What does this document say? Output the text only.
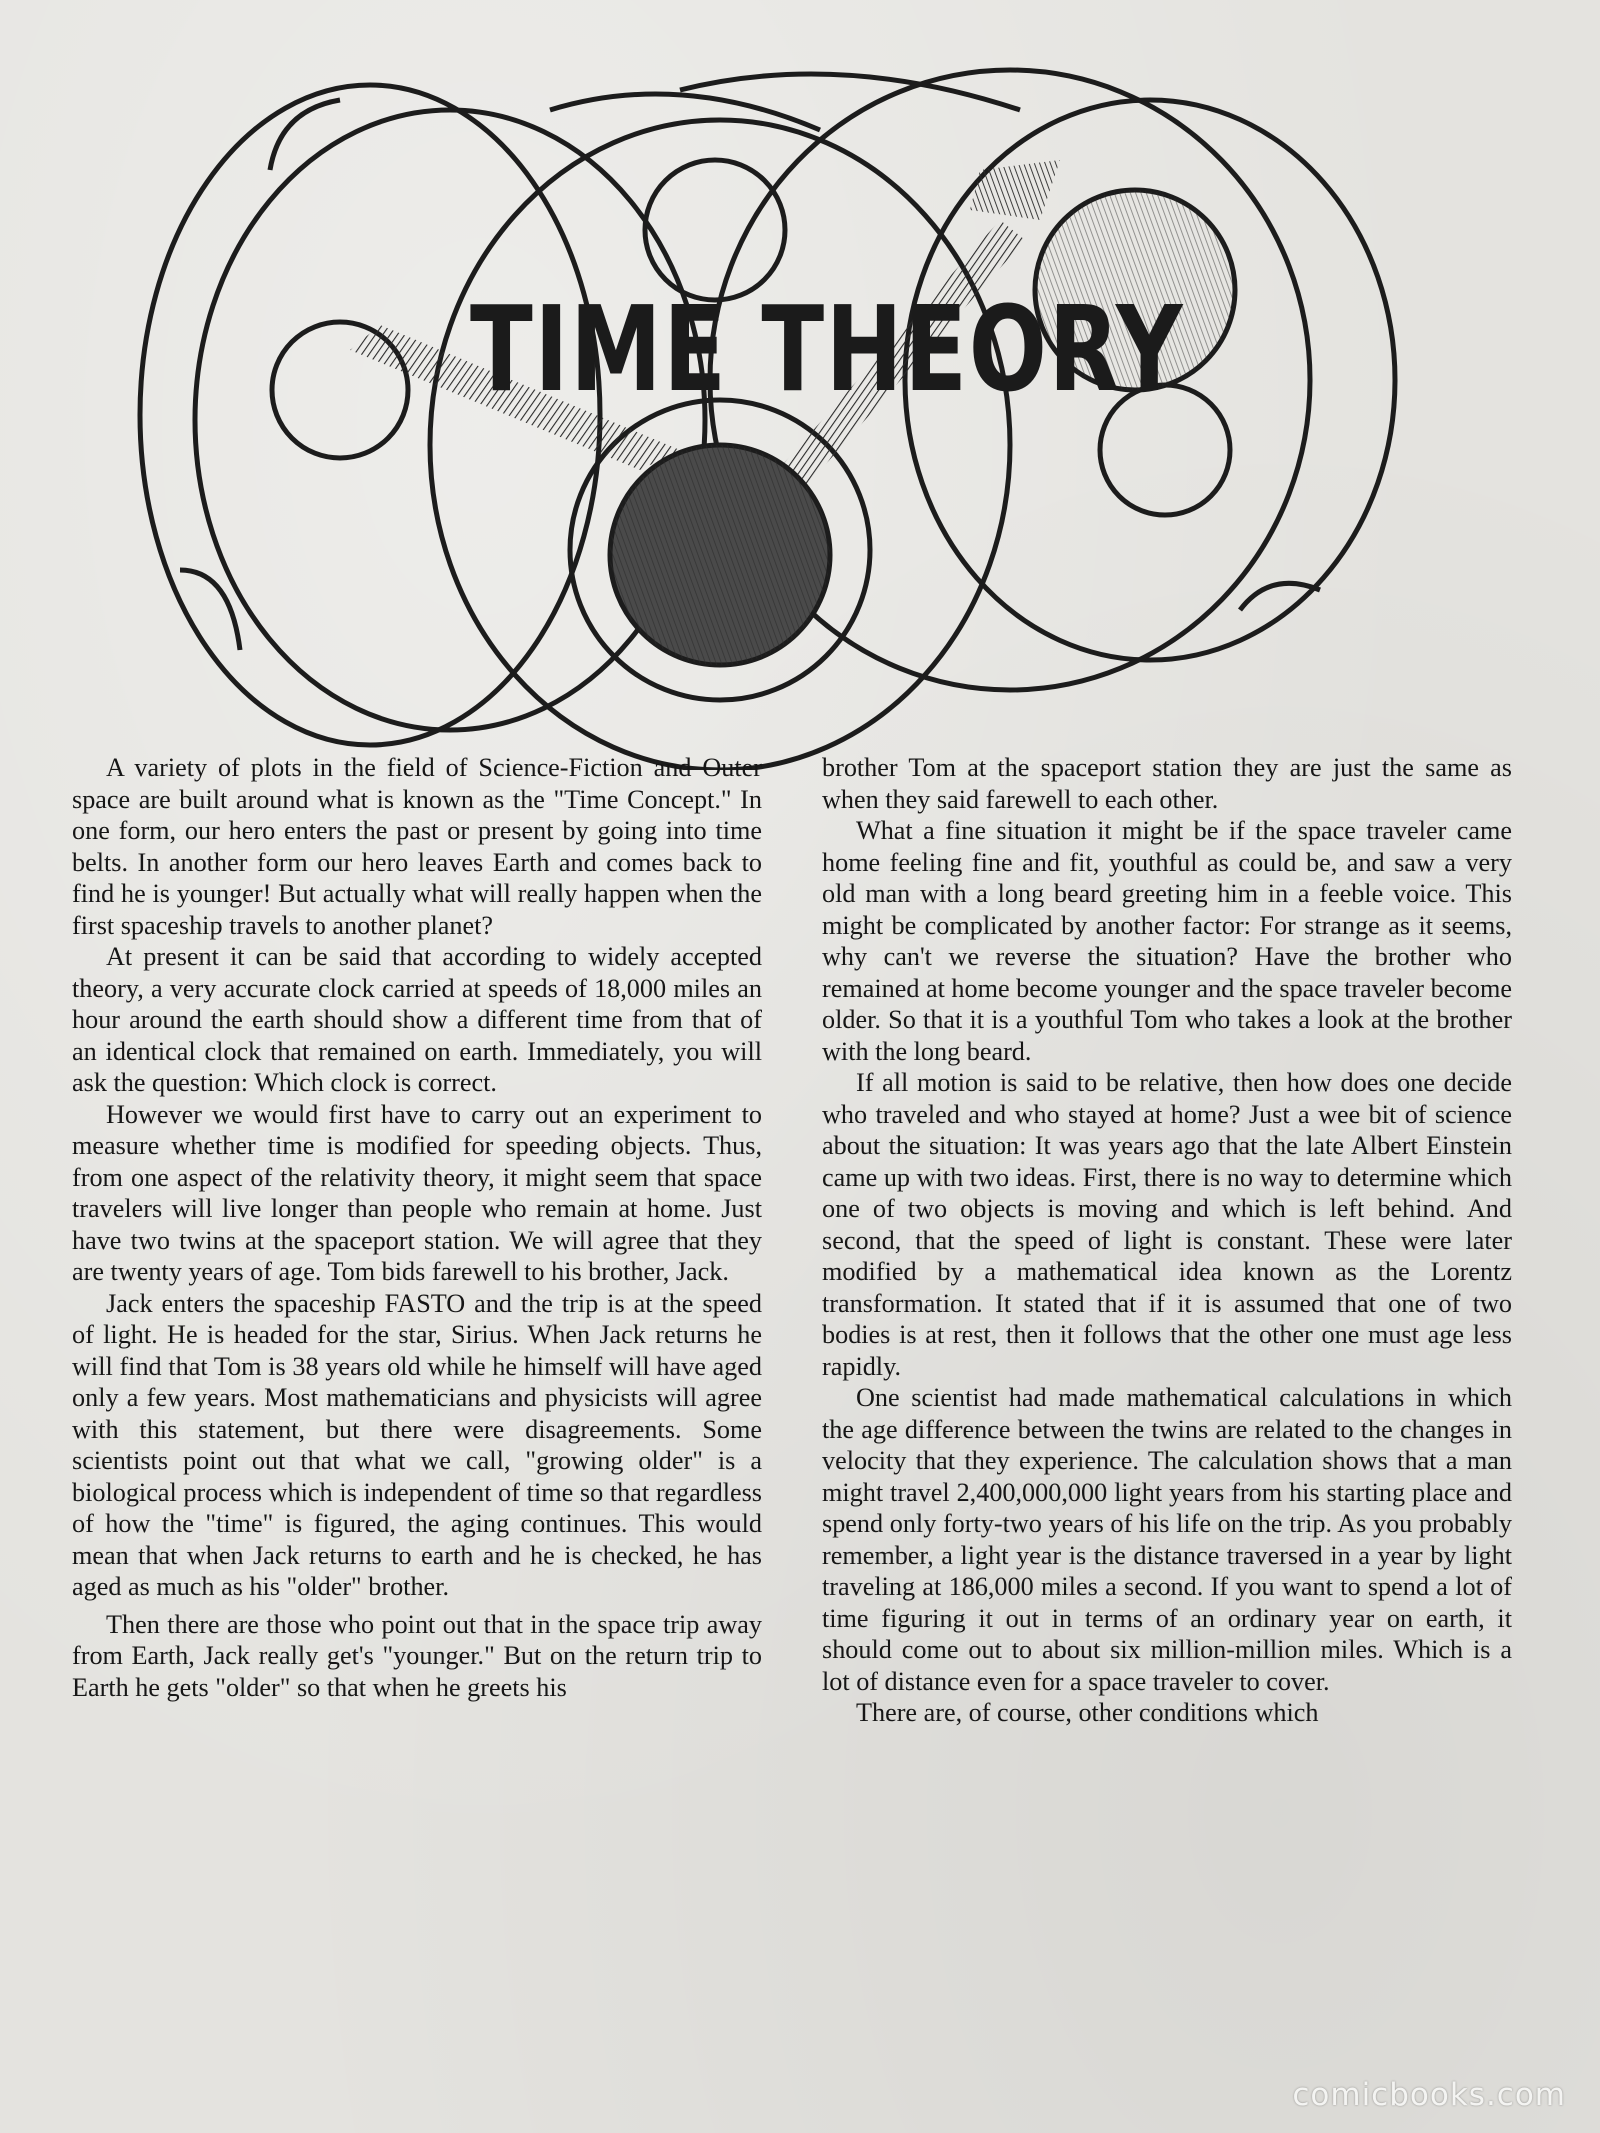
TIME THEORY

A variety of plots in the field of Science-Fiction and Outer space are built around what is known as the "Time Concept." In one form, our hero enters the past or present by going into time belts. In another form our hero leaves Earth and comes back to find he is younger! But actually what will really happen when the first spaceship travels to another planet?

At present it can be said that according to widely accepted theory, a very accurate clock carried at speeds of 18,000 miles an hour around the earth should show a different time from that of an identical clock that remained on earth. Immediately, you will ask the question: Which clock is correct.

However we would first have to carry out an experiment to measure whether time is modified for speeding objects. Thus, from one aspect of the relativity theory, it might seem that space travelers will live longer than people who remain at home. Just have two twins at the spaceport station. We will agree that they are twenty years of age. Tom bids farewell to his brother, Jack.

Jack enters the spaceship FASTO and the trip is at the speed of light. He is headed for the star, Sirius. When Jack returns he will find that Tom is 38 years old while he himself will have aged only a few years. Most mathematicians and physicists will agree with this statement, but there were disagreements. Some scientists point out that what we call, "growing older" is a biological process which is independent of time so that regardless of how the "time" is figured, the aging continues. This would mean that when Jack returns to earth and he is checked, he has aged as much as his "older" brother.

Then there are those who point out that in the space trip away from Earth, Jack really get's "younger." But on the return trip to Earth he gets "older" so that when he greets his

brother Tom at the spaceport station they are just the same as when they said farewell to each other.

What a fine situation it might be if the space traveler came home feeling fine and fit, youthful as could be, and saw a very old man with a long beard greeting him in a feeble voice. This might be complicated by another factor: For strange as it seems, why can't we reverse the situation? Have the brother who remained at home become younger and the space traveler become older. So that it is a youthful Tom who takes a look at the brother with the long beard.

If all motion is said to be relative, then how does one decide who traveled and who stayed at home? Just a wee bit of science about the situation: It was years ago that the late Albert Einstein came up with two ideas. First, there is no way to determine which one of two objects is moving and which is left behind. And second, that the speed of light is constant. These were later modified by a mathematical idea known as the Lorentz transformation. It stated that if it is assumed that one of two bodies is at rest, then it follows that the other one must age less rapidly.

One scientist had made mathematical calculations in which the age difference between the twins are related to the changes in velocity that they experience. The calculation shows that a man might travel 2,400,000,000 light years from his starting place and spend only forty-two years of his life on the trip. As you probably remember, a light year is the distance traversed in a year by light traveling at 186,000 miles a second. If you want to spend a lot of time figuring it out in terms of an ordinary year on earth, it should come out to about six million-million miles. Which is a lot of distance even for a space traveler to cover.

There are, of course, other conditions which

comicbooks.com
